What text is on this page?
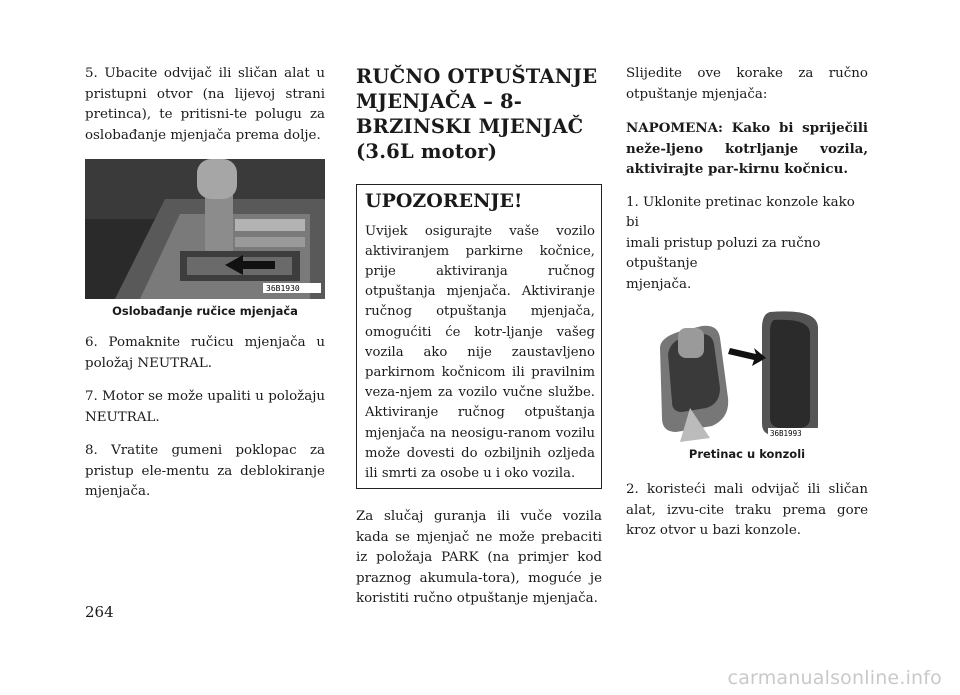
5. Ubacite odvijač ili sličan alat u pristupni otvor (na lijevoj strani pretinca), te pritisni-te polugu za oslobađanje mjenjača prema dolje.

36B1930
Oslobađanje ručice mjenjača

6. Pomaknite ručicu mjenjača u položaj NEUTRAL.

7. Motor se može upaliti u položaju NEUTRAL.

8. Vratite gumeni poklopac za pristup ele-mentu za deblokiranje mjenjača.

RUČNO OTPUŠTANJE MJENJAČA – 8-BRZINSKI MJENJAČ (3.6L motor)
UPOZORENJE!

Uvijek osigurajte vaše vozilo aktiviranjem parkirne kočnice, prije aktiviranja ručnog otpuštanja mjenjača. Aktiviranje ručnog otpuštanja mjenjača, omogućiti će kotr-ljanje vašeg vozila ako nije zaustavljeno parkirnom kočnicom ili pravilnim veza-njem za vozilo vučne službe. Aktiviranje ručnog otpuštanja mjenjača na neosigu-ranom vozilu može dovesti do ozbiljnih ozljeda ili smrti za osobe u i oko vozila.

Za slučaj guranja ili vuče vozila kada se mjenjač ne može prebaciti iz položaja PARK (na primjer kod praznog akumula-tora), moguće je koristiti ručno otpuštanje mjenjača.

Slijedite ove korake za ručno otpuštanje mjenjača:

NAPOMENA: Kako bi spriječili neže-ljeno kotrljanje vozila, aktivirajte par-kirnu kočnicu.

1. Uklonite pretinac konzole kako bi
imali pristup poluzi za ručno otpuštanje
mjenjača.
36B1993
Pretinac u konzoli

2. koristeći mali odvijač ili sličan alat, izvu-cite traku prema gore kroz otvor u bazi konzole.

264
carmanualsonline.info
